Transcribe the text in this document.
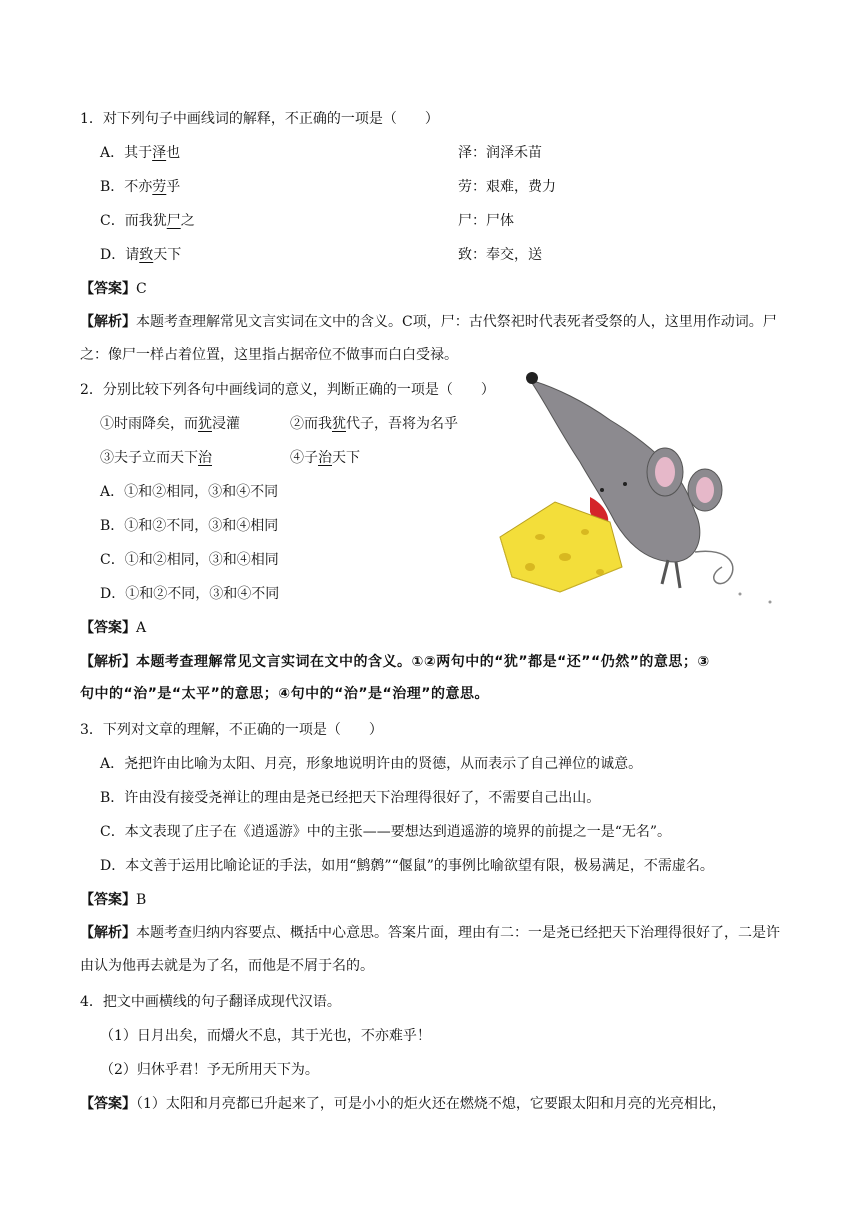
1．对下列句子中画线词的解释，不正确的一项是（　　）
A．其于泽也	泽：润泽禾苗
B．不亦劳乎	劳：艰难，费力
C．而我犹尸之	尸：尸体
D．请致天下	致：奉交，送
【答案】C
【解析】本题考查理解常见文言实词在文中的含义。C项，尸：古代祭祀时代表死者受祭的人，这里用作动词。尸之：像尸一样占着位置，这里指占据帝位不做事而白白受禄。
2．分别比较下列各句中画线词的意义，判断正确的一项是（　　）
①时雨降矣，而犹浸灌	②而我犹代子，吾将为名乎
③夫子立而天下治	④子治天下
A．①和②相同，③和④不同
B．①和②不同，③和④相同
C．①和②相同，③和④相同
D．①和②不同，③和④不同
【答案】A
【解析】本题考查理解常见文言实词在文中的含义。①②两句中的“犹”都是“还”“仍然”的意思；③
句中的“治”是“太平”的意思；④句中的“治”是“治理”的意思。
3．下列对文章的理解，不正确的一项是（　　）
A．尧把许由比喻为太阳、月亮，形象地说明许由的贤德，从而表示了自己禅位的诚意。
B．许由没有接受尧禅让的理由是尧已经把天下治理得很好了，不需要自己出山。
C．本文表现了庄子在《逍遥游》中的主张——要想达到逍遥游的境界的前提之一是“无名”。
D．本文善于运用比喻论证的手法，如用“鹪鹩”“偃鼠”的事例比喻欲望有限，极易满足，不需虚名。
【答案】B
【解析】本题考查归纳内容要点、概括中心意思。答案片面，理由有二：一是尧已经把天下治理得很好了，二是许由认为他再去就是为了名，而他是不屑于名的。
4．把文中画横线的句子翻译成现代汉语。
（1）日月出矣，而爝火不息，其于光也，不亦难乎！
（2）归休乎君！予无所用天下为。
【答案】（1）太阳和月亮都已升起来了，可是小小的炬火还在燃烧不熄，它要跟太阳和月亮的光亮相比，
